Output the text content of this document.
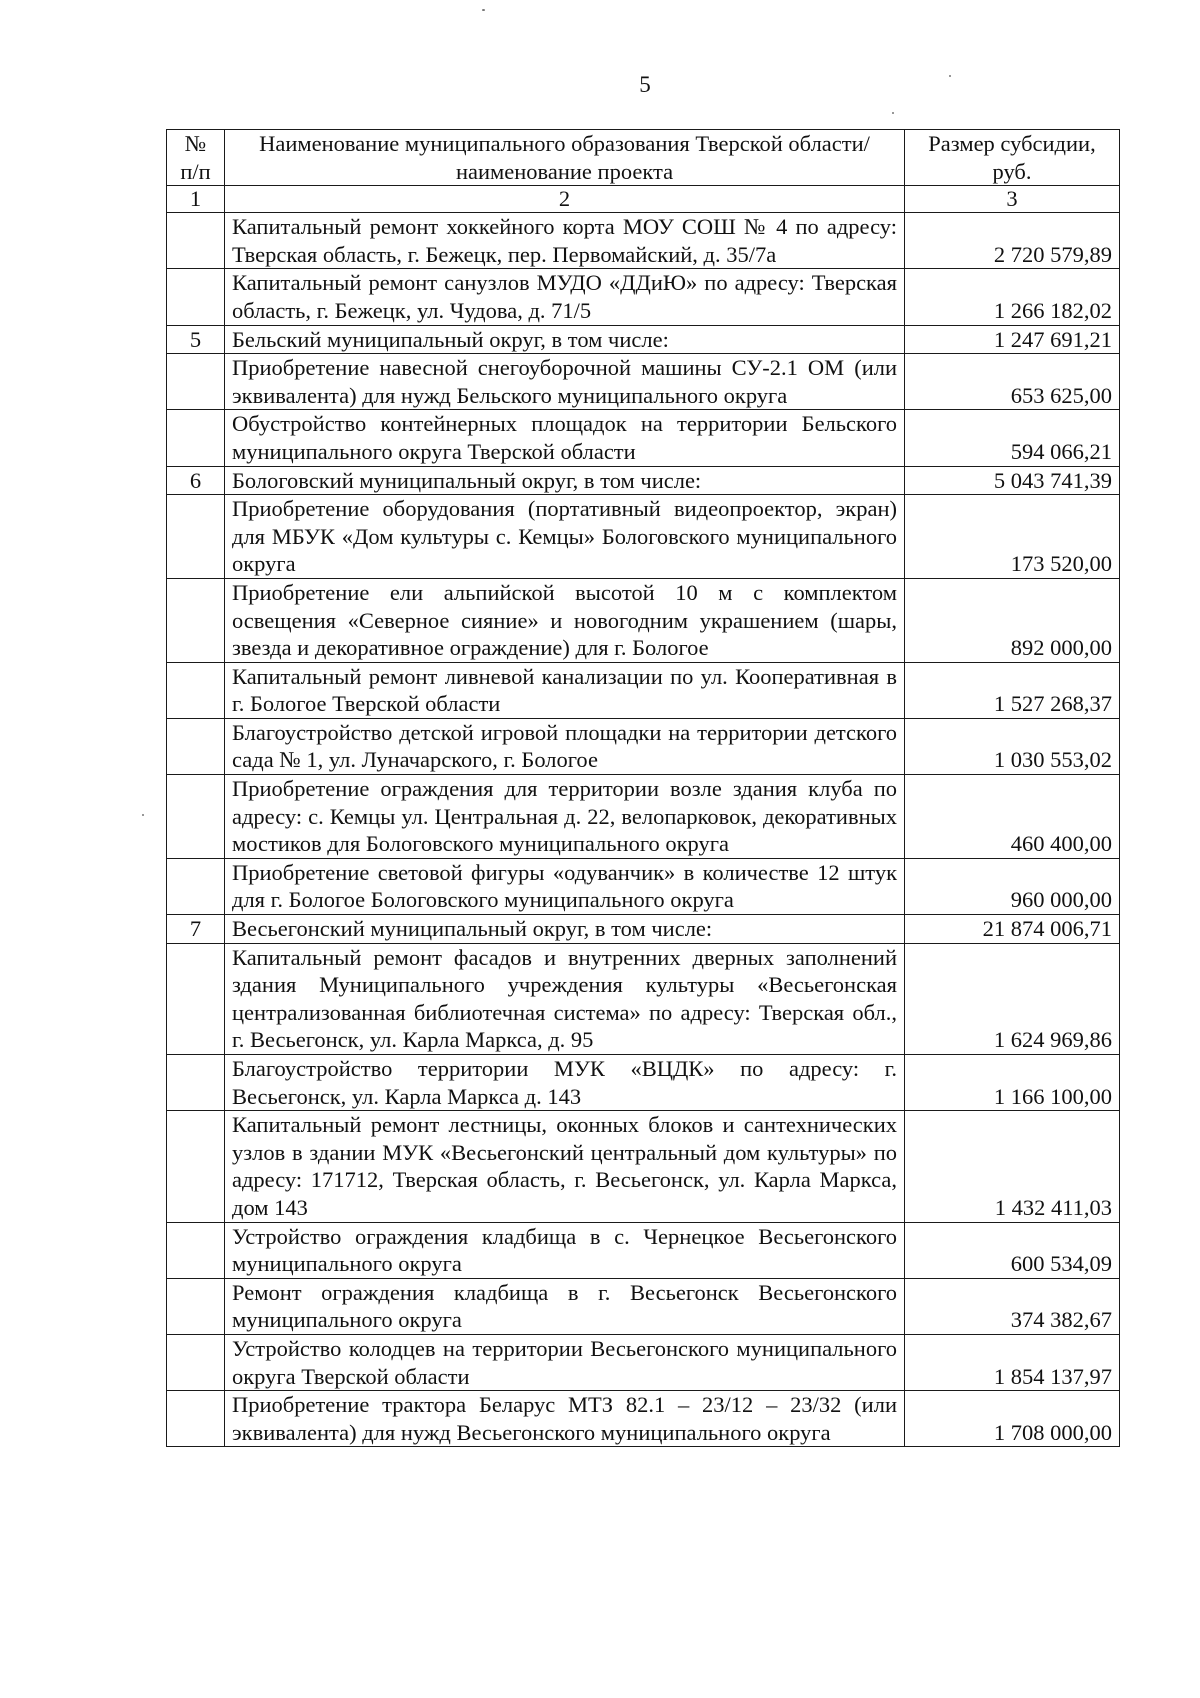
5
№ п/п	Наименование муниципального образования Тверской области/наименование проекта	Размер субсидии, руб.
1	2	3
	Капитальный ремонт хоккейного корта МОУ СОШ № 4 по адресу: Тверская область, г. Бежецк, пер. Первомайский, д. 35/7а	2 720 579,89
	Капитальный ремонт санузлов МУДО «ДДиЮ» по адресу: Тверская область, г. Бежецк, ул. Чудова, д. 71/5	1 266 182,02
5	Бельский муниципальный округ, в том числе:	1 247 691,21
	Приобретение навесной снегоуборочной машины СУ-2.1 ОМ (или эквивалента) для нужд Бельского муниципального округа	653 625,00
	Обустройство контейнерных площадок на территории Бельского муниципального округа Тверской области	594 066,21
6	Бологовский муниципальный округ, в том числе:	5 043 741,39
	Приобретение оборудования (портативный видеопроектор, экран) для МБУК «Дом культуры с. Кемцы» Бологовского муниципального округа	173 520,00
	Приобретение ели альпийской высотой 10 м с комплектом освещения «Северное сияние» и новогодним украшением (шары, звезда и декоративное ограждение) для г. Бологое	892 000,00
	Капитальный ремонт ливневой канализации по ул. Кооперативная в г. Бологое Тверской области	1 527 268,37
	Благоустройство детской игровой площадки на территории детского сада № 1, ул. Луначарского, г. Бологое	1 030 553,02
	Приобретение ограждения для территории возле здания клуба по адресу: с. Кемцы ул. Центральная д. 22, велопарковок, декоративных мостиков для Бологовского муниципального округа	460 400,00
	Приобретение световой фигуры «одуванчик» в количестве 12 штук для г. Бологое Бологовского муниципального округа	960 000,00
7	Весьегонский муниципальный округ, в том числе:	21 874 006,71
	Капитальный ремонт фасадов и внутренних дверных заполнений здания Муниципального учреждения культуры «Весьегонская централизованная библиотечная система» по адресу: Тверская обл., г. Весьегонск, ул. Карла Маркса, д. 95	1 624 969,86
	Благоустройство территории МУК «ВЦДК» по адресу: г. Весьегонск, ул. Карла Маркса д. 143	1 166 100,00
	Капитальный ремонт лестницы, оконных блоков и сантехнических узлов в здании МУК «Весьегонский центральный дом культуры» по адресу: 171712, Тверская область, г. Весьегонск, ул. Карла Маркса, дом 143	1 432 411,03
	Устройство ограждения кладбища в с. Чернецкое Весьегонского муниципального округа	600 534,09
	Ремонт ограждения кладбища в г. Весьегонск Весьегонского муниципального округа	374 382,67
	Устройство колодцев на территории Весьегонского муниципального округа Тверской области	1 854 137,97
	Приобретение трактора Беларус МТЗ 82.1 – 23/12 – 23/32 (или эквивалента) для нужд Весьегонского муниципального округа	1 708 000,00
